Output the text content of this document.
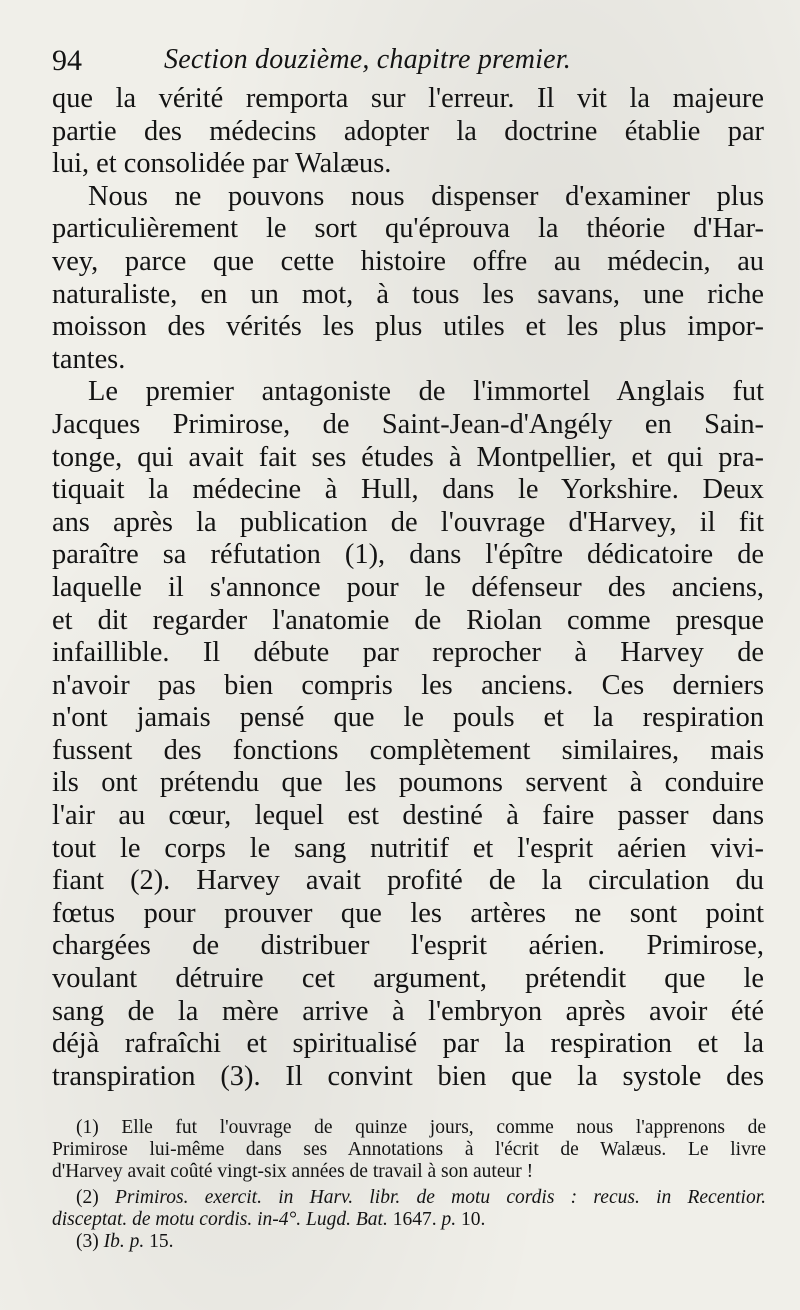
94	Section douzième, chapitre premier.
que la vérité remporta sur l'erreur. Il vit la majeure
partie des médecins adopter la doctrine établie par
lui, et consolidée par Walæus.
Nous ne pouvons nous dispenser d'examiner plus
particulièrement le sort qu'éprouva la théorie d'Har-
vey, parce que cette histoire offre au médecin, au
naturaliste, en un mot, à tous les savans, une riche
moisson des vérités les plus utiles et les plus impor-
tantes.
Le premier antagoniste de l'immortel Anglais fut
Jacques Primirose, de Saint-Jean-d'Angély en Sain-
tonge, qui avait fait ses études à Montpellier, et qui pra-
tiquait la médecine à Hull, dans le Yorkshire. Deux
ans après la publication de l'ouvrage d'Harvey, il fit
paraître sa réfutation (1), dans l'épître dédicatoire de
laquelle il s'annonce pour le défenseur des anciens,
et dit regarder l'anatomie de Riolan comme presque
infaillible. Il débute par reprocher à Harvey de
n'avoir pas bien compris les anciens. Ces derniers
n'ont jamais pensé que le pouls et la respiration
fussent des fonctions complètement similaires, mais
ils ont prétendu que les poumons servent à conduire
l'air au cœur, lequel est destiné à faire passer dans
tout le corps le sang nutritif et l'esprit aérien vivi-
fiant (2). Harvey avait profité de la circulation du
fœtus pour prouver que les artères ne sont point
chargées de distribuer l'esprit aérien. Primirose,
voulant détruire cet argument, prétendit que le
sang de la mère arrive à l'embryon après avoir été
déjà rafraîchi et spiritualisé par la respiration et la
transpiration (3). Il convint bien que la systole des
(1) Elle fut l'ouvrage de quinze jours, comme nous l'apprenons de
Primirose lui-même dans ses Annotations à l'écrit de Walæus. Le livre
d'Harvey avait coûté vingt-six années de travail à son auteur !
(2) Primiros. exercit. in Harv. libr. de motu cordis : recus. in Recentior.
disceptat. de motu cordis. in-4°. Lugd. Bat. 1647. p. 10.
(3) Ib. p. 15.
